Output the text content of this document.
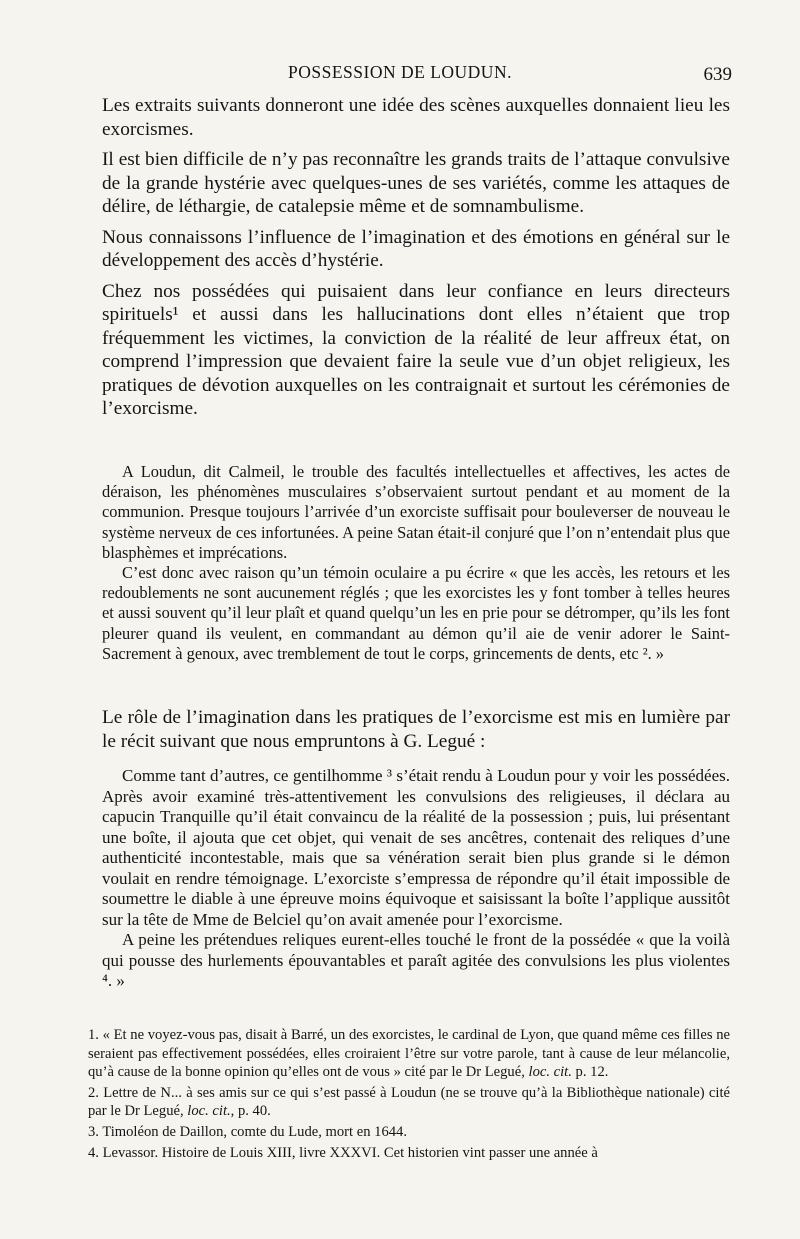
POSSESSION DE LOUDUN.	639

Les extraits suivants donneront une idée des scènes auxquelles donnaient lieu les exorcismes.

Il est bien difficile de n’y pas reconnaître les grands traits de l’attaque convulsive de la grande hystérie avec quelques-unes de ses variétés, comme les attaques de délire, de léthargie, de catalepsie même et de somnambulisme.

Nous connaissons l’influence de l’imagination et des émotions en général sur le développement des accès d’hystérie.

Chez nos possédées qui puisaient dans leur confiance en leurs directeurs spirituels¹ et aussi dans les hallucinations dont elles n’étaient que trop fréquemment les victimes, la conviction de la réalité de leur affreux état, on comprend l’impression que devaient faire la seule vue d’un objet religieux, les pratiques de dévotion auxquelles on les contraignait et surtout les cérémonies de l’exorcisme.

A Loudun, dit Calmeil, le trouble des facultés intellectuelles et affectives, les actes de déraison, les phénomènes musculaires s’observaient surtout pendant et au moment de la communion. Presque toujours l’arrivée d’un exorciste suffisait pour bouleverser de nouveau le système nerveux de ces infortunées. A peine Satan était-il conjuré que l’on n’entendait plus que blasphèmes et imprécations.

C’est donc avec raison qu’un témoin oculaire a pu écrire « que les accès, les retours et les redoublements ne sont aucunement réglés ; que les exorcistes les y font tomber à telles heures et aussi souvent qu’il leur plaît et quand quelqu’un les en prie pour se détromper, qu’ils les font pleurer quand ils veulent, en commandant au démon qu’il aie de venir adorer le Saint-Sacrement à genoux, avec tremblement de tout le corps, grincements de dents, etc ². »

Le rôle de l’imagination dans les pratiques de l’exorcisme est mis en lumière par le récit suivant que nous empruntons à G. Legué :

Comme tant d’autres, ce gentilhomme ³ s’était rendu à Loudun pour y voir les possédées. Après avoir examiné très-attentivement les convulsions des religieuses, il déclara au capucin Tranquille qu’il était convaincu de la réalité de la possession ; puis, lui présentant une boîte, il ajouta que cet objet, qui venait de ses ancêtres, contenait des reliques d’une authenticité incontestable, mais que sa vénération serait bien plus grande si le démon voulait en rendre témoignage. L’exorciste s’empressa de répondre qu’il était impossible de soumettre le diable à une épreuve moins équivoque et saisissant la boîte l’applique aussitôt sur la tête de Mme de Belciel qu’on avait amenée pour l’exorcisme.

A peine les prétendues reliques eurent-elles touché le front de la possédée « que la voilà qui pousse des hurlements épouvantables et paraît agitée des convulsions les plus violentes ⁴. »

1. « Et ne voyez-vous pas, disait à Barré, un des exorcistes, le cardinal de Lyon, que quand même ces filles ne seraient pas effectivement possédées, elles croiraient l’être sur votre parole, tant à cause de leur mélancolie, qu’à cause de la bonne opinion qu’elles ont de vous » cité par le Dr Legué, loc. cit. p. 12.

2. Lettre de N... à ses amis sur ce qui s’est passé à Loudun (ne se trouve qu’à la Bibliothèque nationale) cité par le Dr Legué, loc. cit., p. 40.

3. Timoléon de Daillon, comte du Lude, mort en 1644.

4. Levassor. Histoire de Louis XIII, livre XXXVI. Cet historien vint passer une année à
